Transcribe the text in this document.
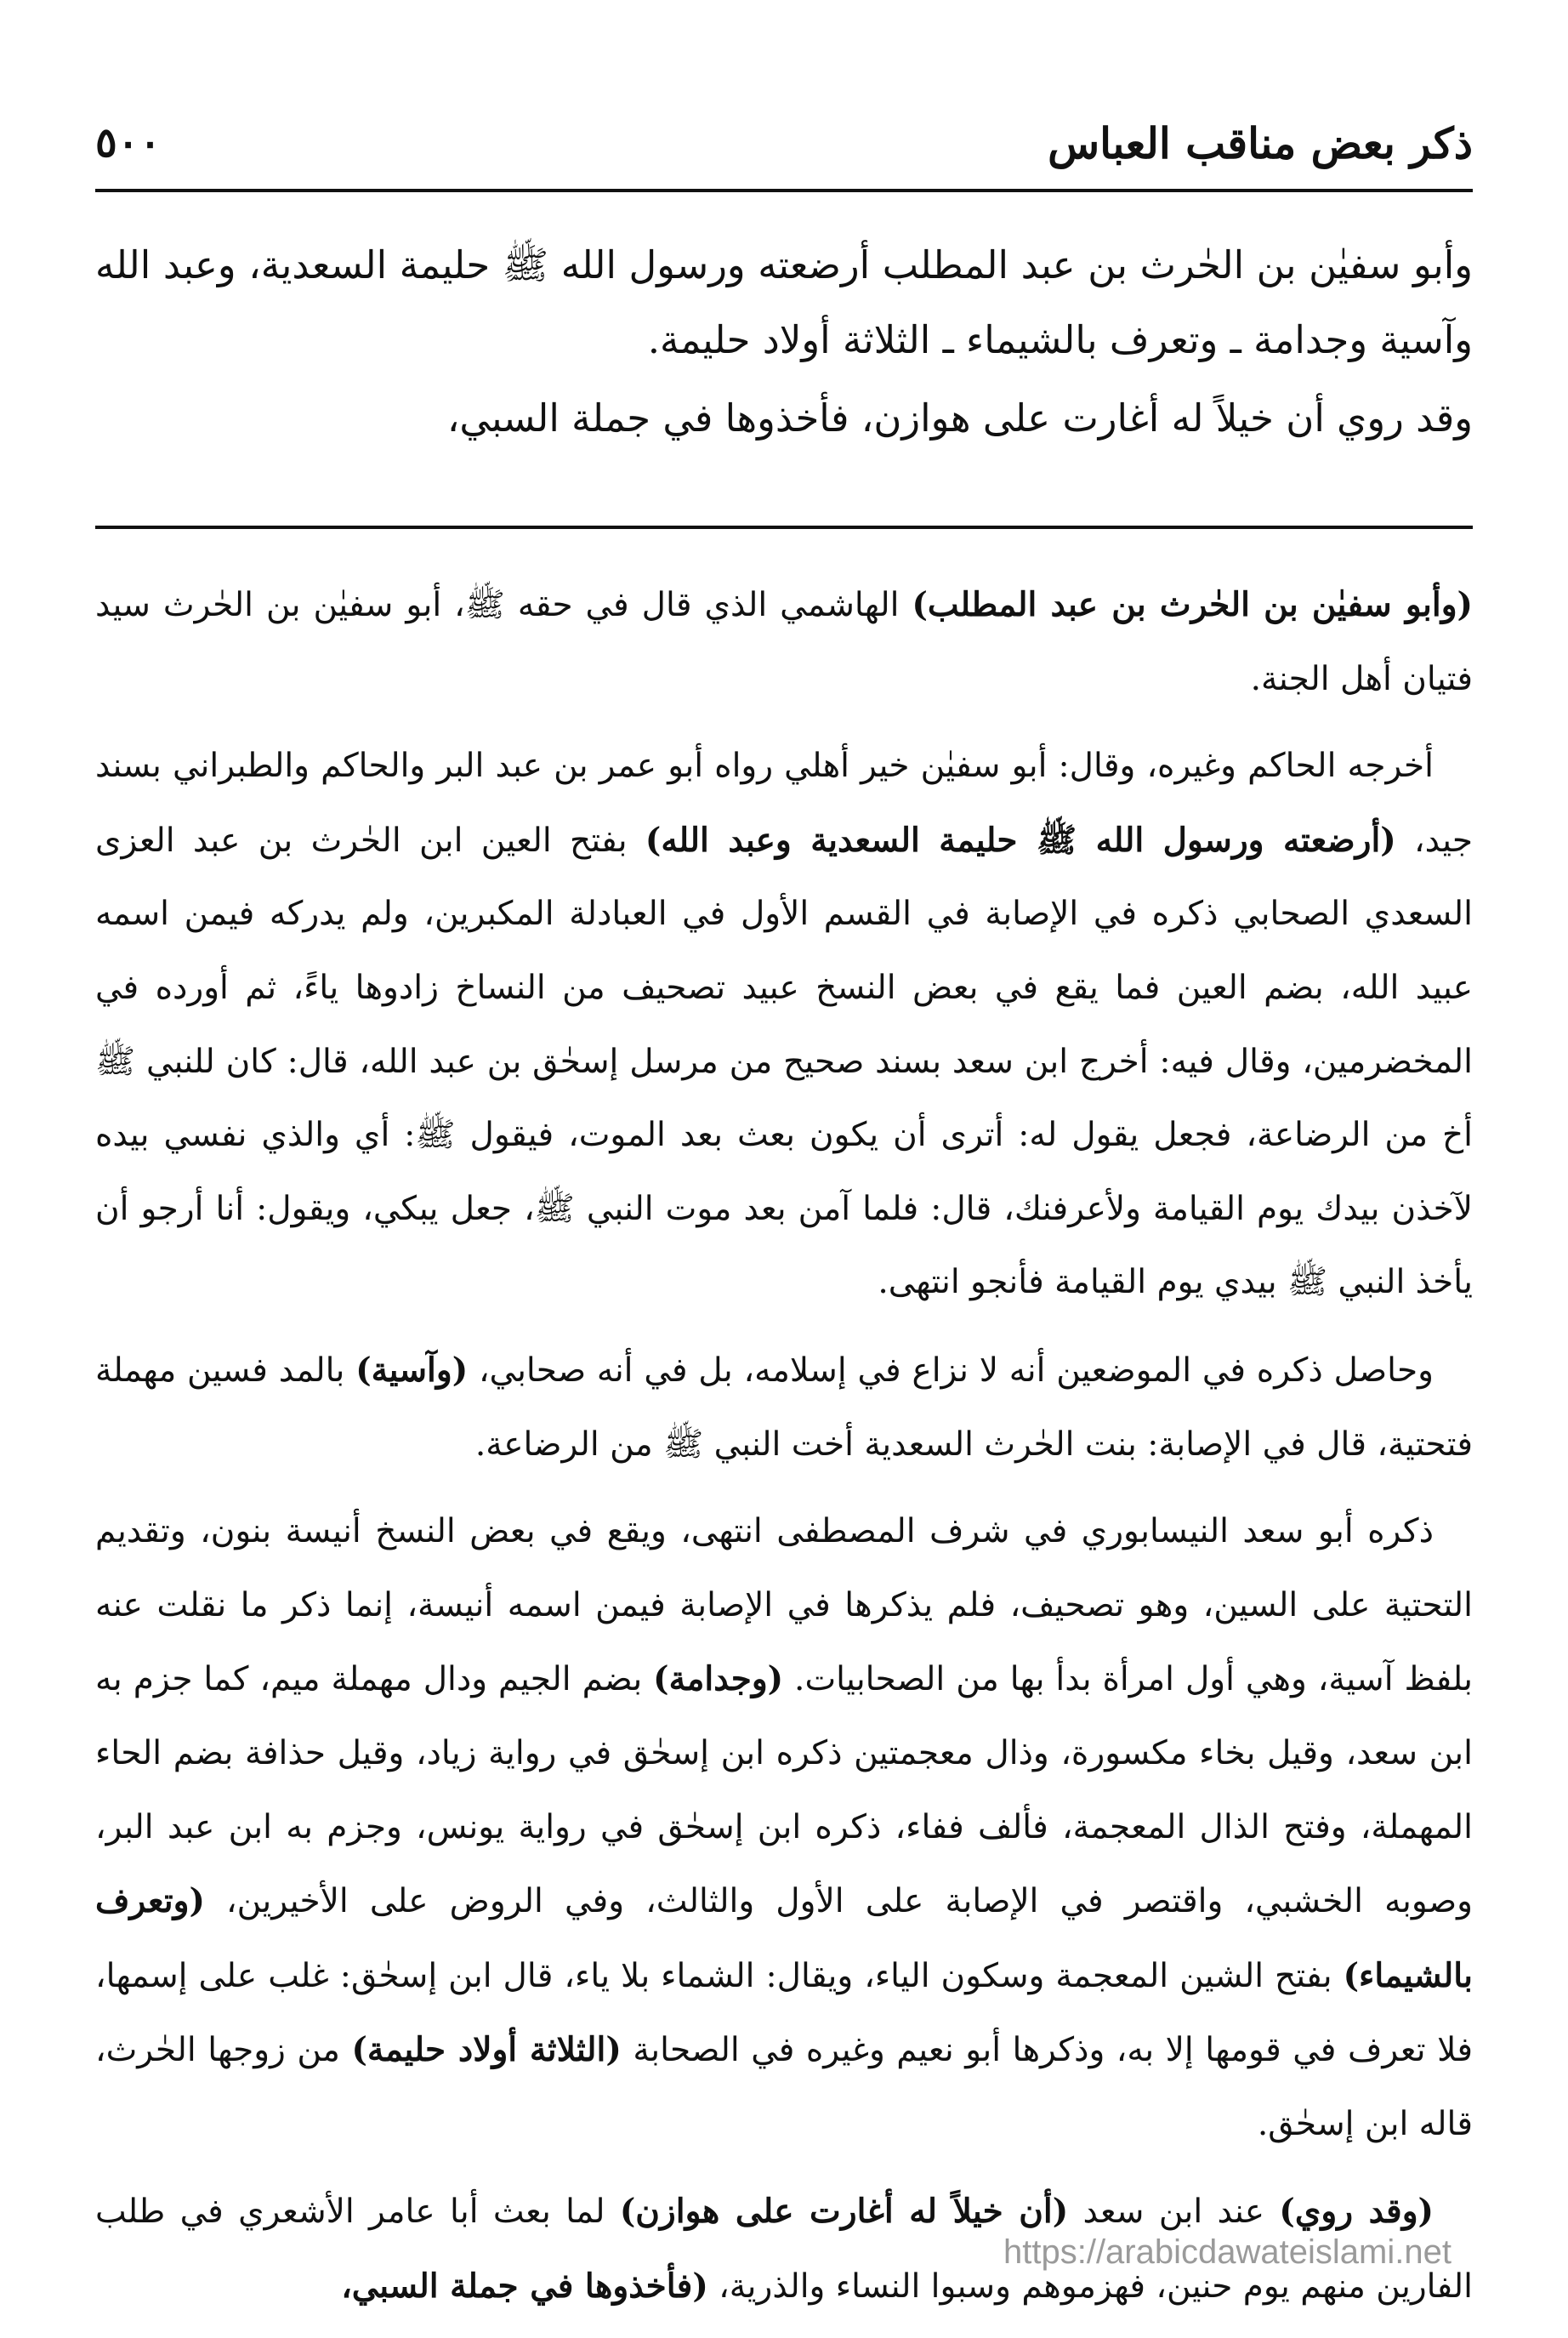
ذكر بعض مناقب العباس
٥٠٠

وأبو سفيٰن بن الحٰرث بن عبد المطلب أرضعته ورسول الله ﷺ حليمة السعدية، وعبد الله وآسية وجدامة ـ وتعرف بالشيماء ـ الثلاثة أولاد حليمة.

وقد روي أن خيلاً له أغارت على هوازن، فأخذوها في جملة السبي،

(وأبو سفيٰن بن الحٰرث بن عبد المطلب) الهاشمي الذي قال في حقه ﷺ، أبو سفيٰن بن الحٰرث سيد فتيان أهل الجنة.

أخرجه الحاكم وغيره، وقال: أبو سفيٰن خير أهلي رواه أبو عمر بن عبد البر والحاكم والطبراني بسند جيد، (أرضعته ورسول الله ﷺ حليمة السعدية وعبد الله) بفتح العين ابن الحٰرث بن عبد العزى السعدي الصحابي ذكره في الإصابة في القسم الأول في العبادلة المكبرين، ولم يدركه فيمن اسمه عبيد الله، بضم العين فما يقع في بعض النسخ عبيد تصحيف من النساخ زادوها ياءً، ثم أورده في المخضرمين، وقال فيه: أخرج ابن سعد بسند صحيح من مرسل إسحٰق بن عبد الله، قال: كان للنبي ﷺ أخ من الرضاعة، فجعل يقول له: أترى أن يكون بعث بعد الموت، فيقول ﷺ: أي والذي نفسي بيده لآخذن بيدك يوم القيامة ولأعرفنك، قال: فلما آمن بعد موت النبي ﷺ، جعل يبكي، ويقول: أنا أرجو أن يأخذ النبي ﷺ بيدي يوم القيامة فأنجو انتهى.

وحاصل ذكره في الموضعين أنه لا نزاع في إسلامه، بل في أنه صحابي، (وآسية) بالمد فسين مهملة فتحتية، قال في الإصابة: بنت الحٰرث السعدية أخت النبي ﷺ من الرضاعة.

ذكره أبو سعد النيسابوري في شرف المصطفى انتهى، ويقع في بعض النسخ أنيسة بنون، وتقديم التحتية على السين، وهو تصحيف، فلم يذكرها في الإصابة فيمن اسمه أنيسة، إنما ذكر ما نقلت عنه بلفظ آسية، وهي أول امرأة بدأ بها من الصحابيات. (وجدامة) بضم الجيم ودال مهملة ميم، كما جزم به ابن سعد، وقيل بخاء مكسورة، وذال معجمتين ذكره ابن إسحٰق في رواية زياد، وقيل حذافة بضم الحاء المهملة، وفتح الذال المعجمة، فألف ففاء، ذكره ابن إسحٰق في رواية يونس، وجزم به ابن عبد البر، وصوبه الخشبي، واقتصر في الإصابة على الأول والثالث، وفي الروض على الأخيرين، (وتعرف بالشيماء) بفتح الشين المعجمة وسكون الياء، ويقال: الشماء بلا ياء، قال ابن إسحٰق: غلب على إسمها، فلا تعرف في قومها إلا به، وذكرها أبو نعيم وغيره في الصحابة (الثلاثة أولاد حليمة) من زوجها الحٰرث، قاله ابن إسحٰق.

(وقد روي) عند ابن سعد (أن خيلاً له أغارت على هوازن) لما بعث أبا عامر الأشعري في طلب الفارين منهم يوم حنين، فهزموهم وسبوا النساء والذرية، (فأخذوها في جملة السبي،

https://arabicdawateislami.net
